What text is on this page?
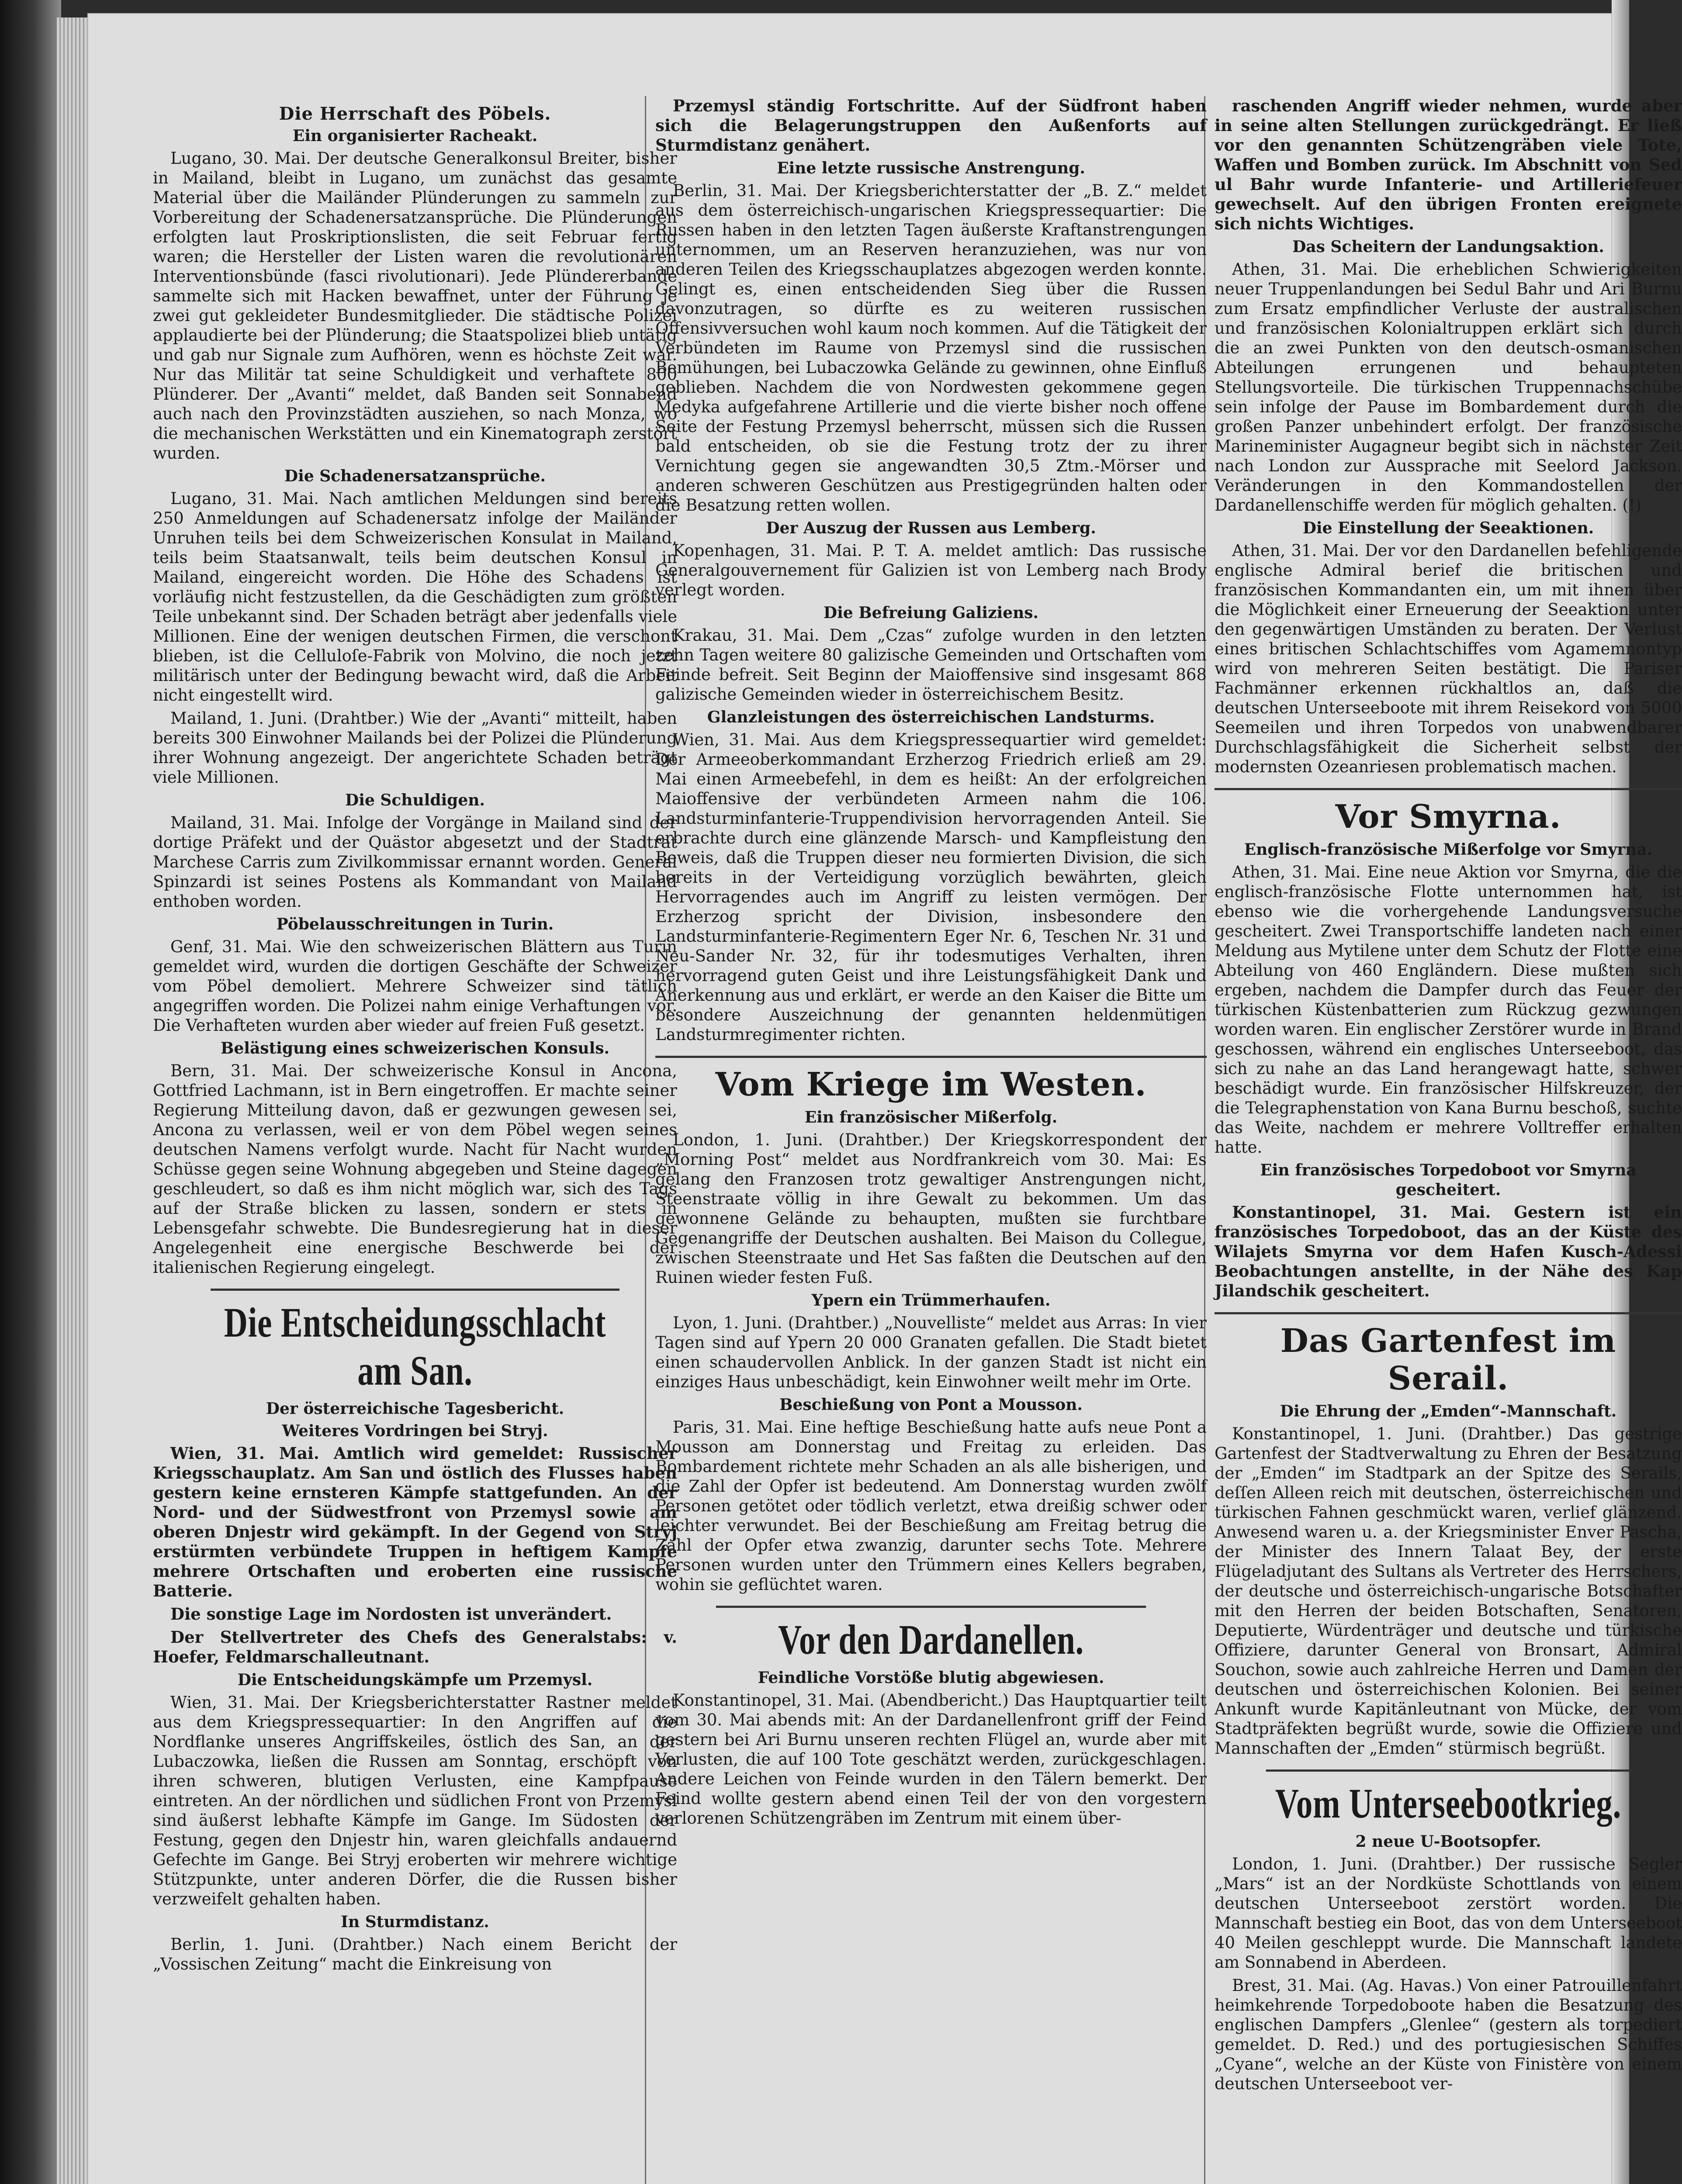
Die Herrschaft des Pöbels.
Ein organisierter Racheakt.

Lugano, 30. Mai. Der deutsche Generalkonsul Breiter, bisher in Mailand, bleibt in Lugano, um zunächst das gesamte Material über die Mailänder Plünderungen zu sammeln zur Vorbereitung der Schadenersatzansprüche. Die Plünderungen erfolgten laut Proskriptionslisten, die seit Februar fertig waren; die Hersteller der Listen waren die revolutionären Interventionsbünde (fasci rivolutionari). Jede Plündererbande sammelte sich mit Hacken bewaffnet, unter der Führung je zwei gut gekleideter Bundesmitglieder. Die städtische Polizei applaudierte bei der Plünderung; die Staatspolizei blieb untätig und gab nur Signale zum Aufhören, wenn es höchste Zeit war. Nur das Militär tat seine Schuldigkeit und verhaftete 800 Plünderer. Der „Avanti“ meldet, daß Banden seit Sonnabend auch nach den Provinzstädten ausziehen, so nach Monza, wo die mechanischen Werkstätten und ein Kinematograph zerstört wurden.

Die Schadenersatzansprüche.

Lugano, 31. Mai. Nach amtlichen Meldungen sind bereits 250 Anmeldungen auf Schadenersatz infolge der Mailänder Unruhen teils bei dem Schweizerischen Konsulat in Mailand, teils beim Staatsanwalt, teils beim deutschen Konsul in Mailand, eingereicht worden. Die Höhe des Schadens ist vorläufig nicht festzustellen, da die Geschädigten zum größten Teile unbekannt sind. Der Schaden beträgt aber jedenfalls viele Millionen. Eine der wenigen deutschen Firmen, die verschont blieben, ist die Celluloſe-Fabrik von Molvino, die noch jetzt militärisch unter der Bedingung bewacht wird, daß die Arbeit nicht eingestellt wird.

Mailand, 1. Juni. (Drahtber.) Wie der „Avanti“ mitteilt, haben bereits 300 Einwohner Mailands bei der Polizei die Plünderung ihrer Wohnung angezeigt. Der angerichtete Schaden beträgt viele Millionen.

Die Schuldigen.

Mailand, 31. Mai. Infolge der Vorgänge in Mailand sind der dortige Präfekt und der Quästor abgesetzt und der Stadtrat Marchese Carris zum Zivilkommissar ernannt worden. General Spinzardi ist seines Postens als Kommandant von Mailand enthoben worden.

Pöbelausschreitungen in Turin.

Genf, 31. Mai. Wie den schweizerischen Blättern aus Turin gemeldet wird, wurden die dortigen Geschäfte der Schweizer vom Pöbel demoliert. Mehrere Schweizer sind tätlich angegriffen worden. Die Polizei nahm einige Verhaftungen vor. Die Verhafteten wurden aber wieder auf freien Fuß gesetzt.

Belästigung eines schweizerischen Konsuls.

Bern, 31. Mai. Der schweizerische Konsul in Ancona, Gottfried Lachmann, ist in Bern eingetroffen. Er machte seiner Regierung Mitteilung davon, daß er gezwungen gewesen sei, Ancona zu verlassen, weil er von dem Pöbel wegen seines deutschen Namens verfolgt wurde. Nacht für Nacht wurden Schüsse gegen seine Wohnung abgegeben und Steine dagegen geschleudert, so daß es ihm nicht möglich war, sich des Tags auf der Straße blicken zu lassen, sondern er stets in Lebensgefahr schwebte. Die Bundesregierung hat in dieser Angelegenheit eine energische Beschwerde bei der italienischen Regierung eingelegt.

Die Entscheidungsschlacht am San.
Der österreichische Tagesbericht.
Weiteres Vordringen bei Stryj.

Wien, 31. Mai. Amtlich wird gemeldet: Russischer Kriegsschauplatz. Am San und östlich des Flusses haben gestern keine ernsteren Kämpfe stattgefunden. An der Nord- und der Südwestfront von Przemysl sowie am oberen Dnjestr wird gekämpft. In der Gegend von Stryj erstürmten verbündete Truppen in heftigem Kampfe mehrere Ortschaften und eroberten eine russische Batterie.

Die sonstige Lage im Nordosten ist unverändert.

Der Stellvertreter des Chefs des Generalstabs: v. Hoefer, Feldmarschalleutnant.

Die Entscheidungskämpfe um Przemysl.

Wien, 31. Mai. Der Kriegsberichterstatter Rastner meldet aus dem Kriegspressequartier: In den Angriffen auf die Nordflanke unseres Angriffskeiles, östlich des San, an der Lubaczowka, ließen die Russen am Sonntag, erschöpft von ihren schweren, blutigen Verlusten, eine Kampfpause eintreten. An der nördlichen und südlichen Front von Przemysl sind äußerst lebhafte Kämpfe im Gange. Im Südosten der Festung, gegen den Dnjestr hin, waren gleichfalls andauernd Gefechte im Gange. Bei Stryj eroberten wir mehrere wichtige Stützpunkte, unter anderen Dörfer, die die Russen bisher verzweifelt gehalten haben.

In Sturmdistanz.

Berlin, 1. Juni. (Drahtber.) Nach einem Bericht der „Vossischen Zeitung“ macht die Einkreisung von

Przemysl ständig Fortschritte. Auf der Südfront haben sich die Belagerungstruppen den Außenforts auf Sturmdistanz genähert.

Eine letzte russische Anstrengung.

Berlin, 31. Mai. Der Kriegsberichterstatter der „B. Z.“ meldet aus dem österreichisch-ungarischen Kriegspressequartier: Die Russen haben in den letzten Tagen äußerste Kraftanstrengungen unternommen, um an Reserven heranzuziehen, was nur von anderen Teilen des Kriegsschauplatzes abgezogen werden konnte. Gelingt es, einen entscheidenden Sieg über die Russen davonzutragen, so dürfte es zu weiteren russischen Offensivversuchen wohl kaum noch kommen. Auf die Tätigkeit der Verbündeten im Raume von Przemysl sind die russischen Bemühungen, bei Lubaczowka Gelände zu gewinnen, ohne Einfluß geblieben. Nachdem die von Nordwesten gekommene gegen Medyka aufgefahrene Artillerie und die vierte bisher noch offene Seite der Festung Przemysl beherrscht, müssen sich die Russen bald entscheiden, ob sie die Festung trotz der zu ihrer Vernichtung gegen sie angewandten 30,5 Ztm.-Mörser und anderen schweren Geschützen aus Prestigegründen halten oder die Besatzung retten wollen.

Der Auszug der Russen aus Lemberg.

Kopenhagen, 31. Mai. P. T. A. meldet amtlich: Das russische Generalgouvernement für Galizien ist von Lemberg nach Brody verlegt worden.

Die Befreiung Galiziens.

Krakau, 31. Mai. Dem „Czas“ zufolge wurden in den letzten zehn Tagen weitere 80 galizische Gemeinden und Ortschaften vom Feinde befreit. Seit Beginn der Maioffensive sind insgesamt 868 galizische Gemeinden wieder in österreichischem Besitz.

Glanzleistungen des österreichischen Landsturms.

Wien, 31. Mai. Aus dem Kriegspressequartier wird gemeldet: Der Armeeoberkommandant Erzherzog Friedrich erließ am 29. Mai einen Armeebefehl, in dem es heißt: An der erfolgreichen Maioffensive der verbündeten Armeen nahm die 106. Landsturminfanterie-Truppendivision hervorragenden Anteil. Sie erbrachte durch eine glänzende Marsch- und Kampfleistung den Beweis, daß die Truppen dieser neu formierten Division, die sich bereits in der Verteidigung vorzüglich bewährten, gleich Hervorragendes auch im Angriff zu leisten vermögen. Der Erzherzog spricht der Division, insbesondere den Landsturminfanterie-Regimentern Eger Nr. 6, Teschen Nr. 31 und Neu-Sander Nr. 32, für ihr todesmutiges Verhalten, ihren hervorragend guten Geist und ihre Leistungsfähigkeit Dank und Anerkennung aus und erklärt, er werde an den Kaiser die Bitte um besondere Auszeichnung der genannten heldenmütigen Landsturmregimenter richten.

Vom Kriege im Westen.
Ein französischer Mißerfolg.

London, 1. Juni. (Drahtber.) Der Kriegskorrespondent der „Morning Post“ meldet aus Nordfrankreich vom 30. Mai: Es gelang den Franzosen trotz gewaltiger Anstrengungen nicht, Steenstraate völlig in ihre Gewalt zu bekommen. Um das gewonnene Gelände zu behaupten, mußten sie furchtbare Gegenangriffe der Deutschen aushalten. Bei Maison du Collegue, zwischen Steenstraate und Het Sas faßten die Deutschen auf den Ruinen wieder festen Fuß.

Ypern ein Trümmerhaufen.

Lyon, 1. Juni. (Drahtber.) „Nouvelliste“ meldet aus Arras: In vier Tagen sind auf Ypern 20 000 Granaten gefallen. Die Stadt bietet einen schaudervollen Anblick. In der ganzen Stadt ist nicht ein einziges Haus unbeschädigt, kein Einwohner weilt mehr im Orte.

Beschießung von Pont a Mousson.

Paris, 31. Mai. Eine heftige Beschießung hatte aufs neue Pont a Mousson am Donnerstag und Freitag zu erleiden. Das Bombardement richtete mehr Schaden an als alle bisherigen, und die Zahl der Opfer ist bedeutend. Am Donnerstag wurden zwölf Personen getötet oder tödlich verletzt, etwa dreißig schwer oder leichter verwundet. Bei der Beschießung am Freitag betrug die Zahl der Opfer etwa zwanzig, darunter sechs Tote. Mehrere Personen wurden unter den Trümmern eines Kellers begraben, wohin sie geflüchtet waren.

Vor den Dardanellen.
Feindliche Vorstöße blutig abgewiesen.

Konstantinopel, 31. Mai. (Abendbericht.) Das Hauptquartier teilt vom 30. Mai abends mit: An der Dardanellenfront griff der Feind gestern bei Ari Burnu unseren rechten Flügel an, wurde aber mit Verlusten, die auf 100 Tote geschätzt werden, zurückgeschlagen. Andere Leichen von Feinde wurden in den Tälern bemerkt. Der Feind wollte gestern abend einen Teil der von den vorgestern verlorenen Schützengräben im Zentrum mit einem über-

raschenden Angriff wieder nehmen, wurde aber in seine alten Stellungen zurückgedrängt. Er ließ vor den genannten Schützengräben viele Tote, Waffen und Bomben zurück. Im Abschnitt von Sed ul Bahr wurde Infanterie- und Artilleriefeuer gewechselt. Auf den übrigen Fronten ereignete sich nichts Wichtiges.

Das Scheitern der Landungsaktion.

Athen, 31. Mai. Die erheblichen Schwierigkeiten neuer Truppenlandungen bei Sedul Bahr und Ari Burnu zum Ersatz empfindlicher Verluste der australischen und französischen Kolonialtruppen erklärt sich durch die an zwei Punkten von den deutsch-osmanischen Abteilungen errungenen und behaupteten Stellungsvorteile. Die türkischen Truppennachschübe sein infolge der Pause im Bombardement durch die großen Panzer unbehindert erfolgt. Der französische Marineminister Augagneur begibt sich in nächster Zeit nach London zur Aussprache mit Seelord Jackson. Veränderungen in den Kommandostellen der Dardanellenschiffe werden für möglich gehalten. (!)

Die Einstellung der Seeaktionen.

Athen, 31. Mai. Der vor den Dardanellen befehligende englische Admiral berief die britischen und französischen Kommandanten ein, um mit ihnen über die Möglichkeit einer Erneuerung der Seeaktion unter den gegenwärtigen Umständen zu beraten. Der Verlust eines britischen Schlachtschiffes vom Agamemnontyp wird von mehreren Seiten bestätigt. Die Pariser Fachmänner erkennen rückhaltlos an, daß die deutschen Unterseeboote mit ihrem Reisekord von 5000 Seemeilen und ihren Torpedos von unabwendbarer Durchschlagsfähigkeit die Sicherheit selbst der modernsten Ozeanriesen problematisch machen.

Vor Smyrna.
Englisch-französische Mißerfolge vor Smyrna.

Athen, 31. Mai. Eine neue Aktion vor Smyrna, die die englisch-französische Flotte unternommen hat, ist ebenso wie die vorhergehende Landungsversuche gescheitert. Zwei Transportschiffe landeten nach einer Meldung aus Mytilene unter dem Schutz der Flotte eine Abteilung von 460 Engländern. Diese mußten sich ergeben, nachdem die Dampfer durch das Feuer der türkischen Küstenbatterien zum Rückzug gezwungen worden waren. Ein englischer Zerstörer wurde in Brand geschossen, während ein englisches Unterseeboot, das sich zu nahe an das Land herangewagt hatte, schwer beschädigt wurde. Ein französischer Hilfskreuzer, der die Telegraphenstation von Kana Burnu beschoß, suchte das Weite, nachdem er mehrere Volltreffer erhalten hatte.

Ein französisches Torpedoboot vor Smyrna gescheitert.

Konstantinopel, 31. Mai. Gestern ist ein französisches Torpedoboot, das an der Küste des Wilajets Smyrna vor dem Hafen Kusch-Adessi Beobachtungen anstellte, in der Nähe des Kap Jilandschik gescheitert.

Das Gartenfest im Serail.
Die Ehrung der „Emden“-Mannschaft.

Konstantinopel, 1. Juni. (Drahtber.) Das gestrige Gartenfest der Stadtverwaltung zu Ehren der Besatzung der „Emden“ im Stadtpark an der Spitze des Serails, deſſen Alleen reich mit deutschen, österreichischen und türkischen Fahnen geschmückt waren, verlief glänzend. Anwesend waren u. a. der Kriegsminister Enver Pascha, der Minister des Innern Talaat Bey, der erste Flügeladjutant des Sultans als Vertreter des Herrschers, der deutsche und österreichisch-ungarische Botschafter mit den Herren der beiden Botschaften, Senatoren, Deputierte, Würdenträger und deutsche und türkische Offiziere, darunter General von Bronsart, Admiral Souchon, sowie auch zahlreiche Herren und Damen der deutschen und österreichischen Kolonien. Bei seiner Ankunft wurde Kapitänleutnant von Mücke, der vom Stadtpräfekten begrüßt wurde, sowie die Offiziere und Mannschaften der „Emden“ stürmisch begrüßt.

Vom Unterseebootkrieg.
2 neue U-Bootsopfer.

London, 1. Juni. (Drahtber.) Der russische Segler „Mars“ ist an der Nordküste Schottlands von einem deutschen Unterseeboot zerstört worden. Die Mannschaft bestieg ein Boot, das von dem Unterseeboot 40 Meilen geschleppt wurde. Die Mannschaft landete am Sonnabend in Aberdeen.

Brest, 31. Mai. (Ag. Havas.) Von einer Patrouillenfahrt heimkehrende Torpedoboote haben die Besatzung des englischen Dampfers „Glenlee“ (gestern als torpediert gemeldet. D. Red.) und des portugiesischen Schiffes „Cyane“, welche an der Küste von Finistère von einem deutschen Unterseeboot ver-
